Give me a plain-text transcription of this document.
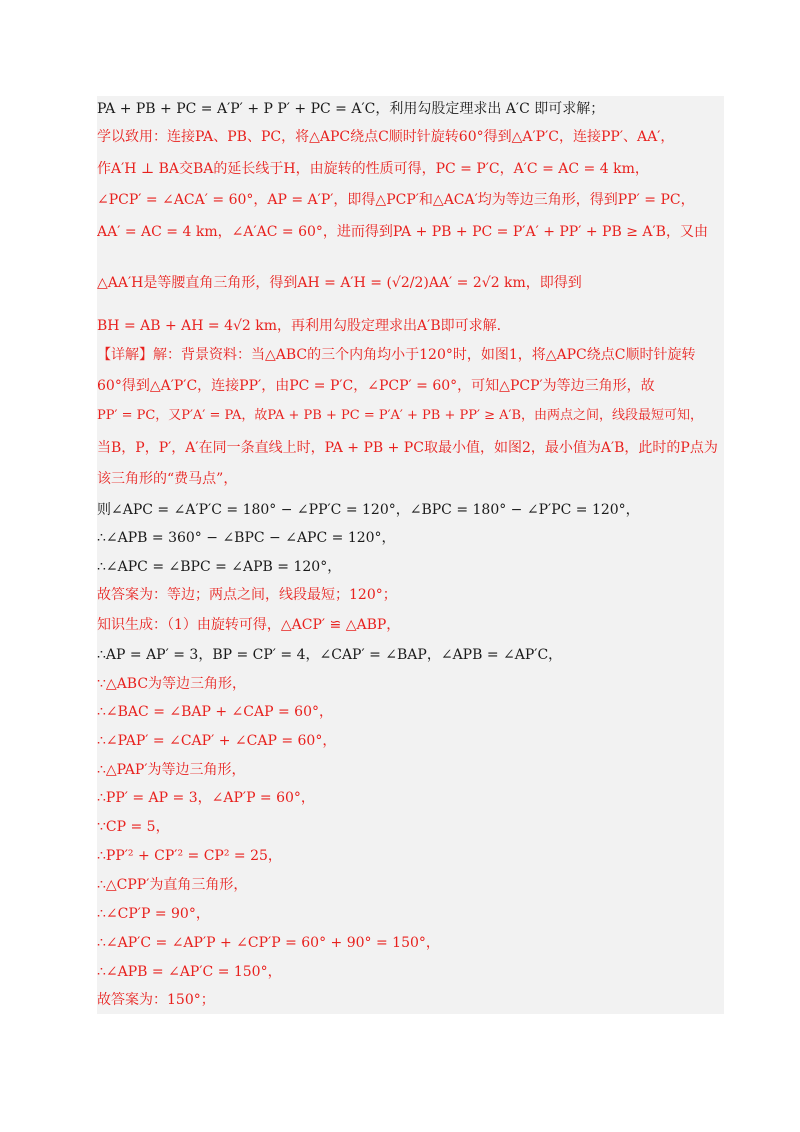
PA + PB + PC = A′P′ + P P′ + PC = A′C，利用勾股定理求出 A′C 即可求解；
学以致用：连接PA、PB、PC，将△APC绕点C顺时针旋转60°得到△A′P′C，连接PP′、AA′，
作A′H ⊥ BA交BA的延长线于H，由旋转的性质可得，PC = P′C，A′C = AC = 4 km，
∠PCP′ = ∠ACA′ = 60°，AP = A′P′，即得△PCP′和△ACA′均为等边三角形，得到PP′ = PC，
AA′ = AC = 4 km，∠A′AC = 60°，进而得到PA + PB + PC = P′A′ + PP′ + PB ≥ A′B，又由
△AA′H是等腰直角三角形，得到AH = A′H = (√2/2)AA′ = 2√2 km，即得到
BH = AB + AH = 4√2 km，再利用勾股定理求出A′B即可求解.
【详解】解：背景资料：当△ABC的三个内角均小于120°时，如图1，将△APC绕点C顺时针旋转
60°得到△A′P′C，连接PP′，由PC = P′C，∠PCP′ = 60°，可知△PCP′为等边三角形，故
PP′ = PC，又P′A′ = PA，故PA + PB + PC = P′A′ + PB + PP′ ≥ A′B，由两点之间，线段最短可知，
当B，P，P′，A′在同一条直线上时，PA + PB + PC取最小值，如图2，最小值为A′B，此时的P点为
该三角形的“费马点”，
则∠APC = ∠A′P′C = 180° − ∠PP′C = 120°，∠BPC = 180° − ∠P′PC = 120°，
∴∠APB = 360° − ∠BPC − ∠APC = 120°，
∴∠APC = ∠BPC = ∠APB = 120°，
故答案为：等边；两点之间，线段最短；120°；
知识生成：（1）由旋转可得，△ACP′ ≌ △ABP，
∴AP = AP′ = 3，BP = CP′ = 4，∠CAP′ = ∠BAP，∠APB = ∠AP′C，
∵△ABC为等边三角形，
∴∠BAC = ∠BAP + ∠CAP = 60°，
∴∠PAP′ = ∠CAP′ + ∠CAP = 60°，
∴△PAP′为等边三角形，
∴PP′ = AP = 3，∠AP′P = 60°，
∵CP = 5，
∴PP′² + CP′² = CP² = 25，
∴△CPP′为直角三角形，
∴∠CP′P = 90°，
∴∠AP′C = ∠AP′P + ∠CP′P = 60° + 90° = 150°，
∴∠APB = ∠AP′C = 150°，
故答案为：150°；
